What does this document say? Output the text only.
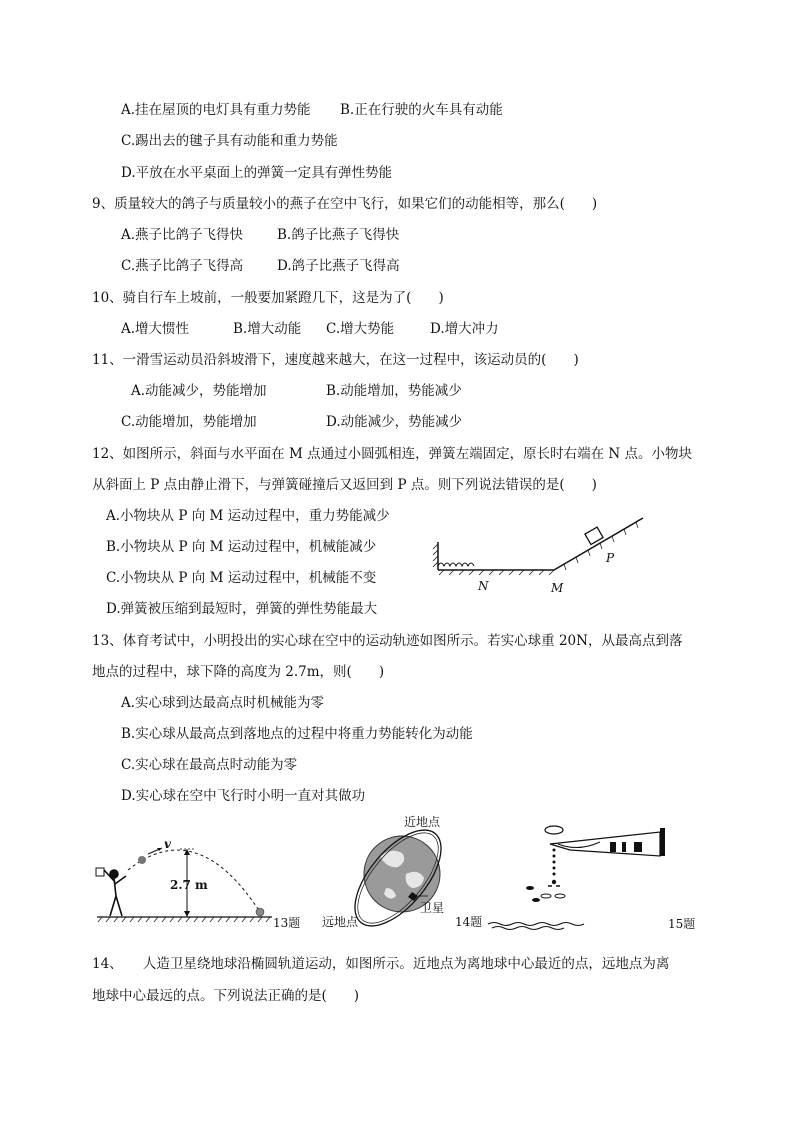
A.挂在屋顶的电灯具有重力势能 B.正在行驶的火车具有动能
C.踢出去的毽子具有动能和重力势能
D.平放在水平桌面上的弹簧一定具有弹性势能
9、质量较大的鸽子与质量较小的燕子在空中飞行，如果它们的动能相等，那么(　　)
A.燕子比鸽子飞得快	B.鸽子比燕子飞得快
C.燕子比鸽子飞得高	D.鸽子比燕子飞得高
10、骑自行车上坡前，一般要加紧蹬几下，这是为了(　　)
A.增大惯性	B.增大动能 C.增大势能	D.增大冲力
11、一滑雪运动员沿斜坡滑下，速度越来越大，在这一过程中，该运动员的(　　)
A.动能减少，势能增加	B.动能增加，势能减少
C.动能增加，势能增加	D.动能减少，势能减少
12、如图所示，斜面与水平面在 M 点通过小圆弧相连，弹簧左端固定，原长时右端在 N 点。小物块
从斜面上 P 点由静止滑下，与弹簧碰撞后又返回到 P 点。则下列说法错误的是(　　)
A.小物块从 P 向 M 运动过程中，重力势能减少
B.小物块从 P 向 M 运动过程中，机械能减少
C.小物块从 P 向 M 运动过程中，机械能不变
D.弹簧被压缩到最短时，弹簧的弹性势能最大
N	M
P
13、体育考试中，小明投出的实心球在空中的运动轨迹如图所示。若实心球重 20N，从最高点到落
地点的过程中，球下降的高度为 2.7m，则(　　)
A.实心球到达最高点时机械能为零
B.实心球从最高点到落地点的过程中将重力势能转化为动能
C.实心球在最高点时动能为零
D.实心球在空中飞行时小明一直对其做功
v
2.7 m
13题
近地点
卫星
远地点	14题	15题
14、　　人造卫星绕地球沿椭圆轨道运动，如图所示。近地点为离地球中心最近的点，远地点为离
地球中心最远的点。下列说法正确的是(　　)
